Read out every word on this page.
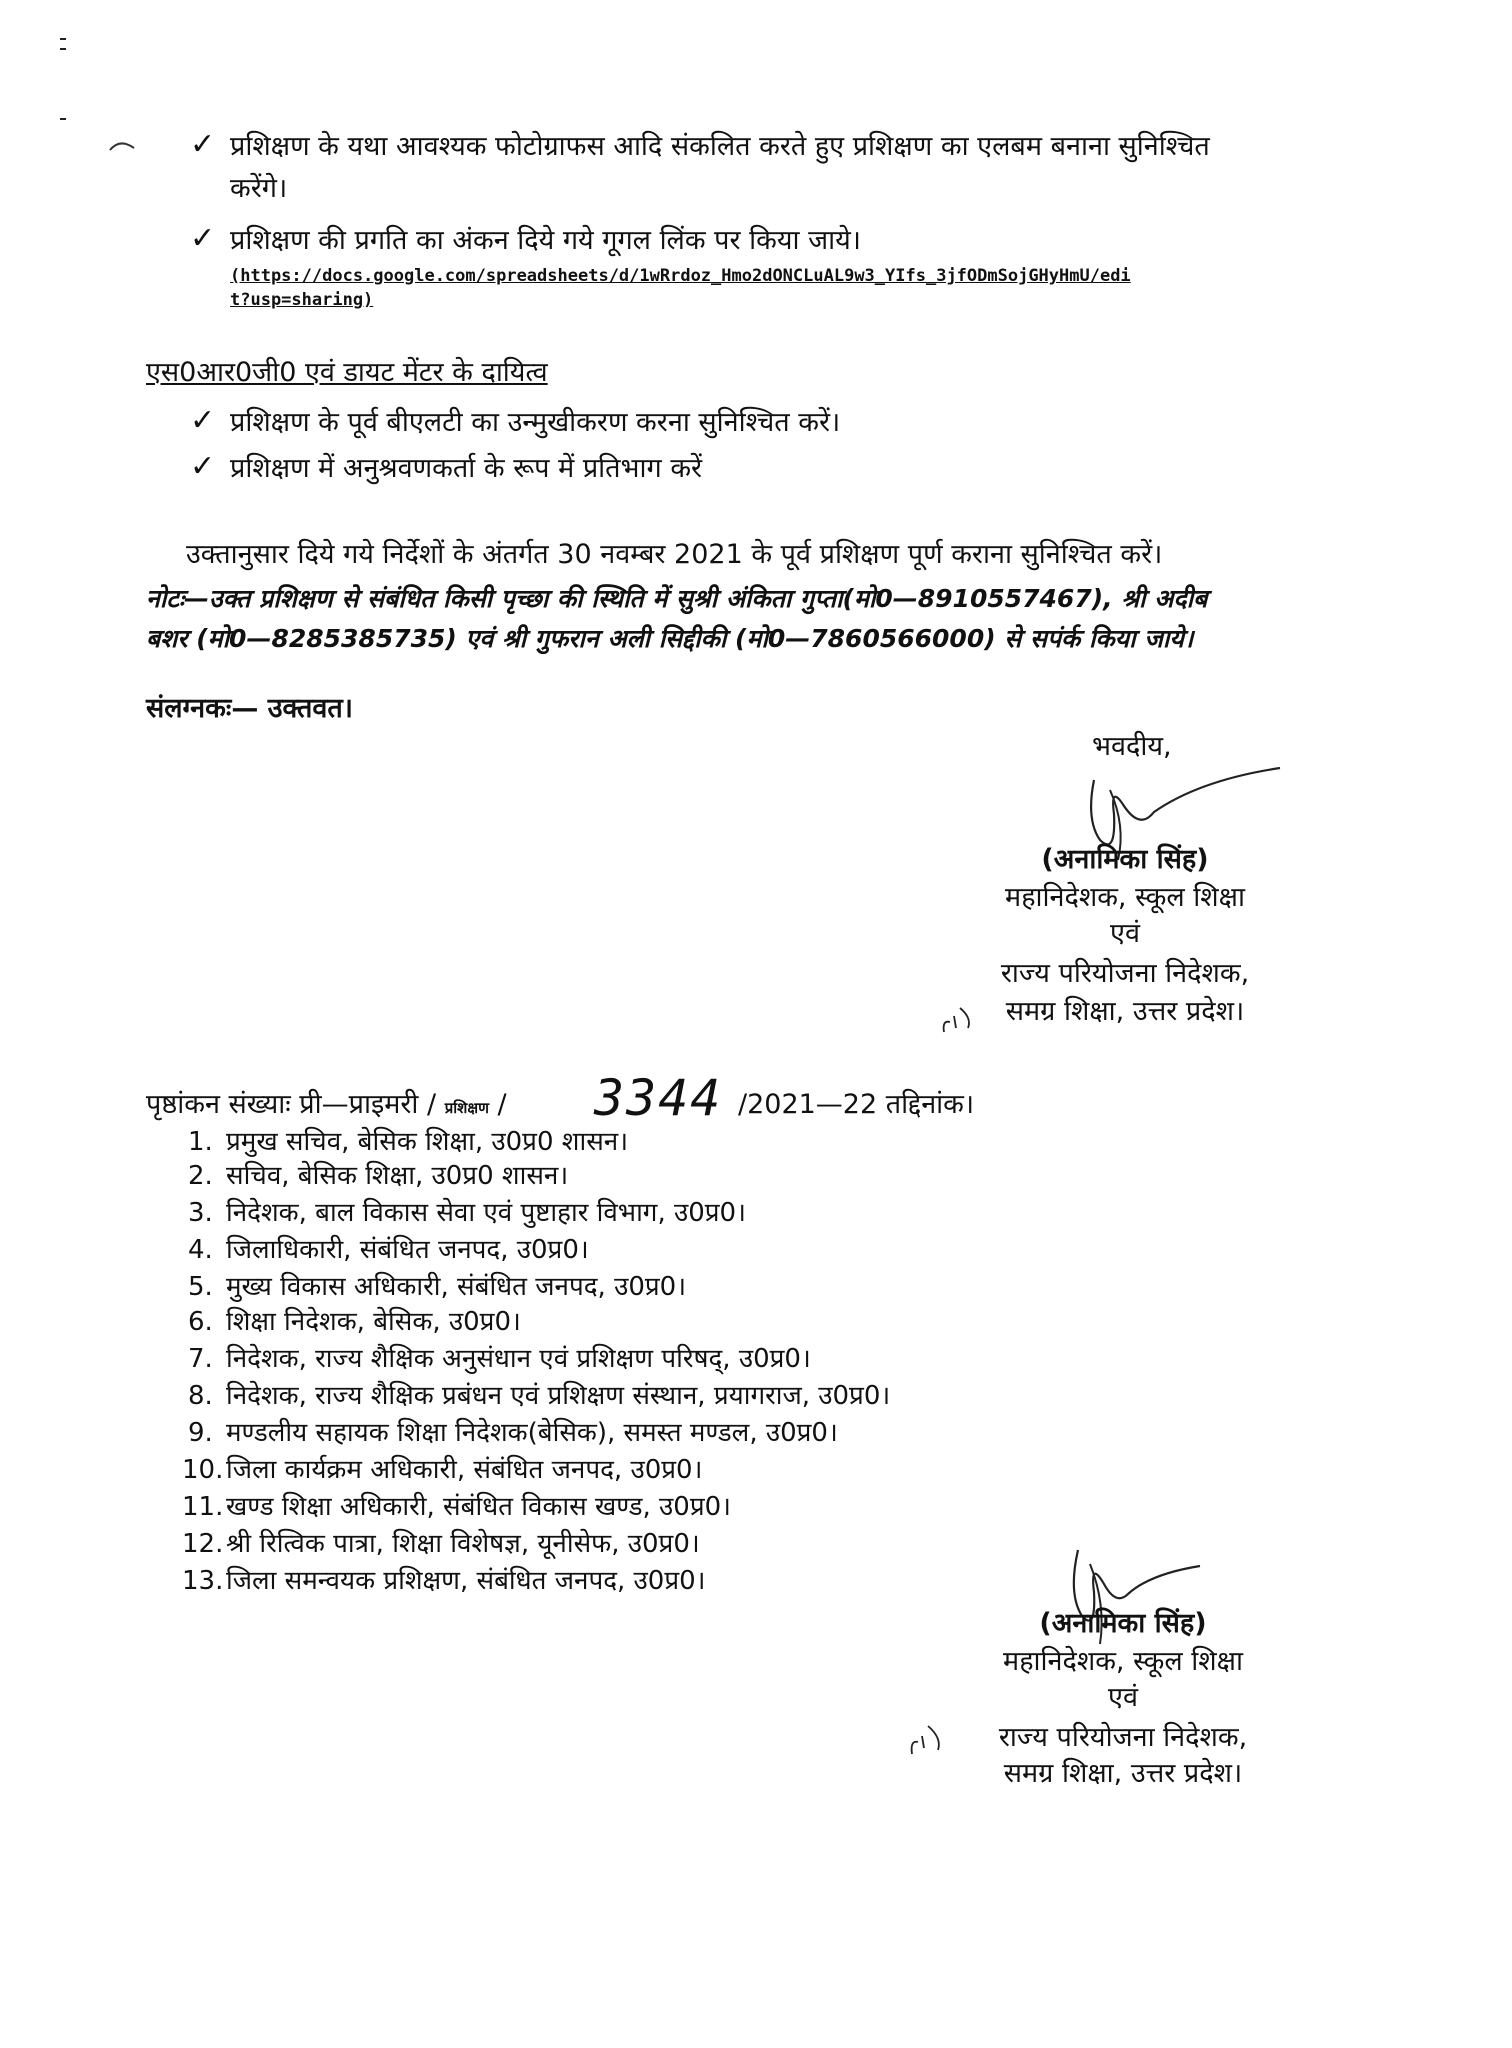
✓ प्रशिक्षण के यथा आवश्यक फोटोग्राफस आदि संकलित करते हुए प्रशिक्षण का एलबम बनाना सुनिश्चित
करेंगे।
✓ प्रशिक्षण की प्रगति का अंकन दिये गये गूगल लिंक पर किया जाये।
(https://docs.google.com/spreadsheets/d/1wRrdoz_Hmo2dONCLuAL9w3_YIfs_3jfODmSojGHyHmU/edi
t?usp=sharing)
एस0आर0जी0 एवं डायट मेंटर के दायित्व
✓ प्रशिक्षण के पूर्व बीएलटी का उन्मुखीकरण करना सुनिश्चित करें।
✓ प्रशिक्षण में अनुश्रवणकर्ता के रूप में प्रतिभाग करें
उक्तानुसार दिये गये निर्देशों के अंतर्गत 30 नवम्बर 2021 के पूर्व प्रशिक्षण पूर्ण कराना सुनिश्चित करें।
नोटः—उक्त प्रशिक्षण से संबंधित किसी पृच्छा की स्थिति में सुश्री अंकिता गुप्ता(मो0—8910557467), श्री अदीब
बशर (मो0—8285385735) एवं श्री गुफरान अली सिद्दीकी (मो0—7860566000) से सपंर्क किया जाये।
संलग्नकः— उक्तवत।
भवदीय,
(अनामिका सिंह)
महानिदेशक, स्कूल शिक्षा
एवं
राज्य परियोजना निदेशक,
समग्र शिक्षा, उत्तर प्रदेश।
पृष्ठांकन संख्याः प्री—प्राइमरी / प्रशिक्षण / 3344 /2021—22 तद्दिनांक।
1. प्रमुख सचिव, बेसिक शिक्षा, उ0प्र0 शासन।
2. सचिव, बेसिक शिक्षा, उ0प्र0 शासन।
3. निदेशक, बाल विकास सेवा एवं पुष्टाहार विभाग, उ0प्र0।
4. जिलाधिकारी, संबंधित जनपद, उ0प्र0।
5. मुख्य विकास अधिकारी, संबंधित जनपद, उ0प्र0।
6. शिक्षा निदेशक, बेसिक, उ0प्र0।
7. निदेशक, राज्य शैक्षिक अनुसंधान एवं प्रशिक्षण परिषद्, उ0प्र0।
8. निदेशक, राज्य शैक्षिक प्रबंधन एवं प्रशिक्षण संस्थान, प्रयागराज, उ0प्र0।
9. मण्डलीय सहायक शिक्षा निदेशक(बेसिक), समस्त मण्डल, उ0प्र0।
10. जिला कार्यक्रम अधिकारी, संबंधित जनपद, उ0प्र0।
11. खण्ड शिक्षा अधिकारी, संबंधित विकास खण्ड, उ0प्र0।
12. श्री रित्विक पात्रा, शिक्षा विशेषज्ञ, यूनीसेफ, उ0प्र0।
13. जिला समन्वयक प्रशिक्षण, संबंधित जनपद, उ0प्र0।
(अनामिका सिंह)
महानिदेशक, स्कूल शिक्षा
एवं
राज्य परियोजना निदेशक,
समग्र शिक्षा, उत्तर प्रदेश।
